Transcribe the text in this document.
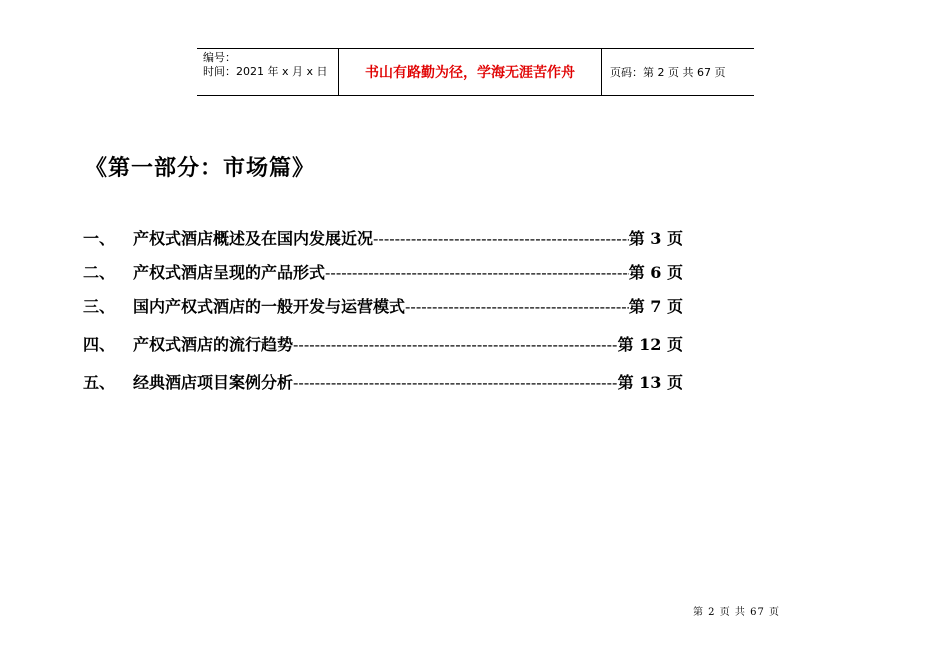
编号：
时间：2021 年 x 月 x 日	书山有路勤为径，学海无涯苦作舟	页码：第 2 页 共 67 页
《第一部分：市场篇》
一、	产权式酒店概述及在国内发展近况 -----	第 3 页
二、	产权式酒店呈现的产品形式 -----	第 6 页
三、	国内产权式酒店的一般开发与运营模式 -----	第 7 页
四、	产权式酒店的流行趋势 -----	第 12 页
五、	经典酒店项目案例分析 -----	第 13 页
第 2 页 共 67 页
